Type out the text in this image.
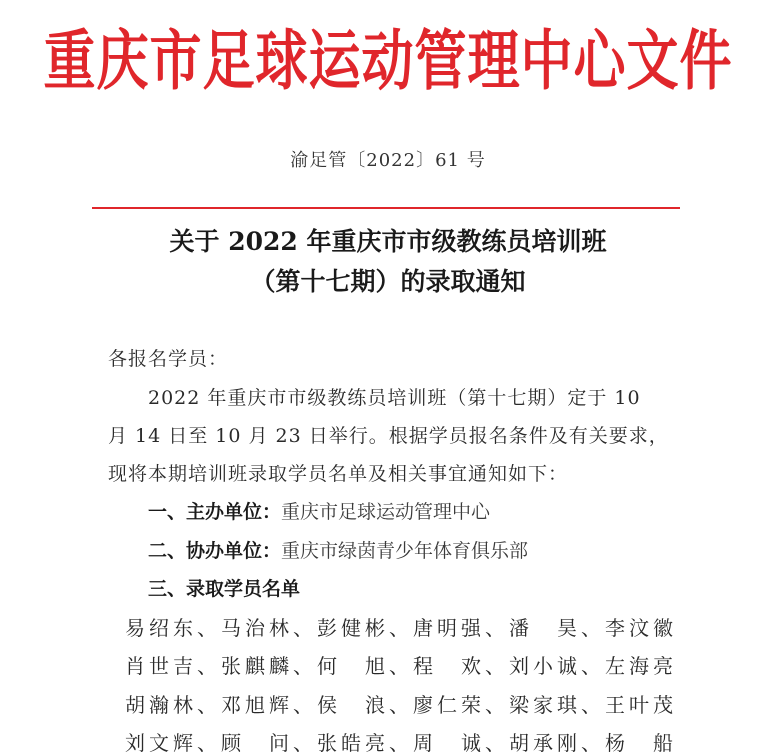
重庆市足球运动管理中心文件
渝足管〔2022〕61 号
关于 2022 年重庆市市级教练员培训班
（第十七期）的录取通知
各报名学员：
2022 年重庆市市级教练员培训班（第十七期）定于 10
月 14 日至 10 月 23 日举行。根据学员报名条件及有关要求，
现将本期培训班录取学员名单及相关事宜通知如下：
一、主办单位：重庆市足球运动管理中心
二、协办单位：重庆市绿茵青少年体育俱乐部
三、录取学员名单
易绍东、马治林、彭健彬、唐明强、潘　昊、李汶徽
肖世吉、张麒麟、何　旭、程　欢、刘小诚、左海亮
胡瀚林、邓旭辉、侯　浪、廖仁荣、梁家琪、王叶茂
刘文辉、顾　问、张皓亮、周　诚、胡承刚、杨　船
